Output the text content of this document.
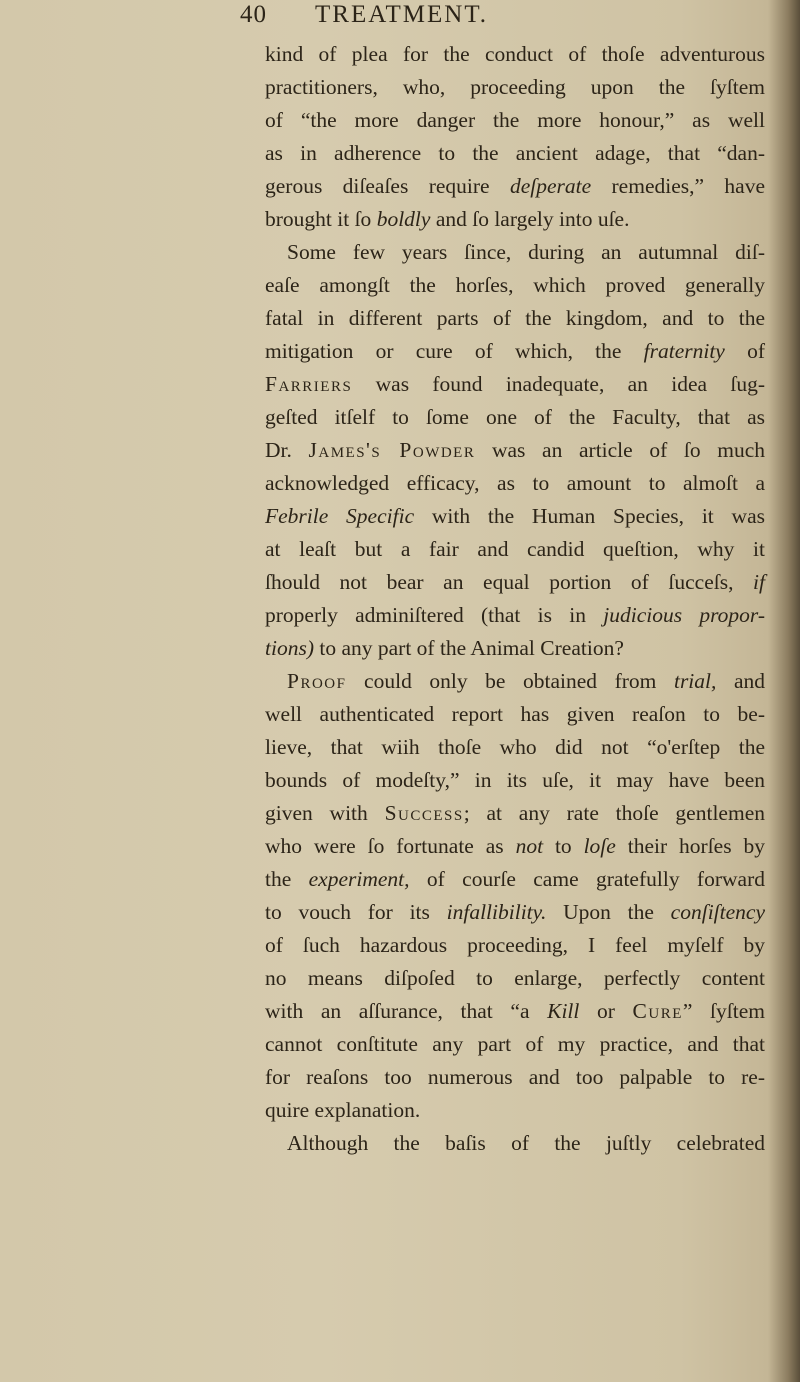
40 TREATMENT.
kind of plea for the conduct of thoſe adventurous
practitioners, who, proceeding upon the ſyſtem
of “the more danger the more honour,” as well
as in adherence to the ancient adage, that “dan-
gerous diſeaſes require deſperate remedies,” have
brought it ſo boldly and ſo largely into uſe.
Some few years ſince, during an autumnal diſ-
eaſe amongſt the horſes, which proved generally
fatal in different parts of the kingdom, and to the
mitigation or cure of which, the fraternity of
Farriers was found inadequate, an idea ſug-
geſted itſelf to ſome one of the Faculty, that as
Dr. James's Powder was an article of ſo much
acknowledged efficacy, as to amount to almoſt a
Febrile Specific with the Human Species, it was
at leaſt but a fair and candid queſtion, why it
ſhould not bear an equal portion of ſucceſs, if
properly adminiſtered (that is in judicious propor-
tions) to any part of the Animal Creation?
Proof could only be obtained from trial, and
well authenticated report has given reaſon to be-
lieve, that wiih thoſe who did not “o'erſtep the
bounds of modeſty,” in its uſe, it may have been
given with Success; at any rate thoſe gentlemen
who were ſo fortunate as not to loſe their horſes by
the experiment, of courſe came gratefully forward
to vouch for its infallibility. Upon the conſiſtency
of ſuch hazardous proceeding, I feel myſelf by
no means diſpoſed to enlarge, perfectly content
with an aſſurance, that “a Kill or Cure” ſyſtem
cannot conſtitute any part of my practice, and that
for reaſons too numerous and too palpable to re-
quire explanation.
Although the baſis of the juſtly celebrated
